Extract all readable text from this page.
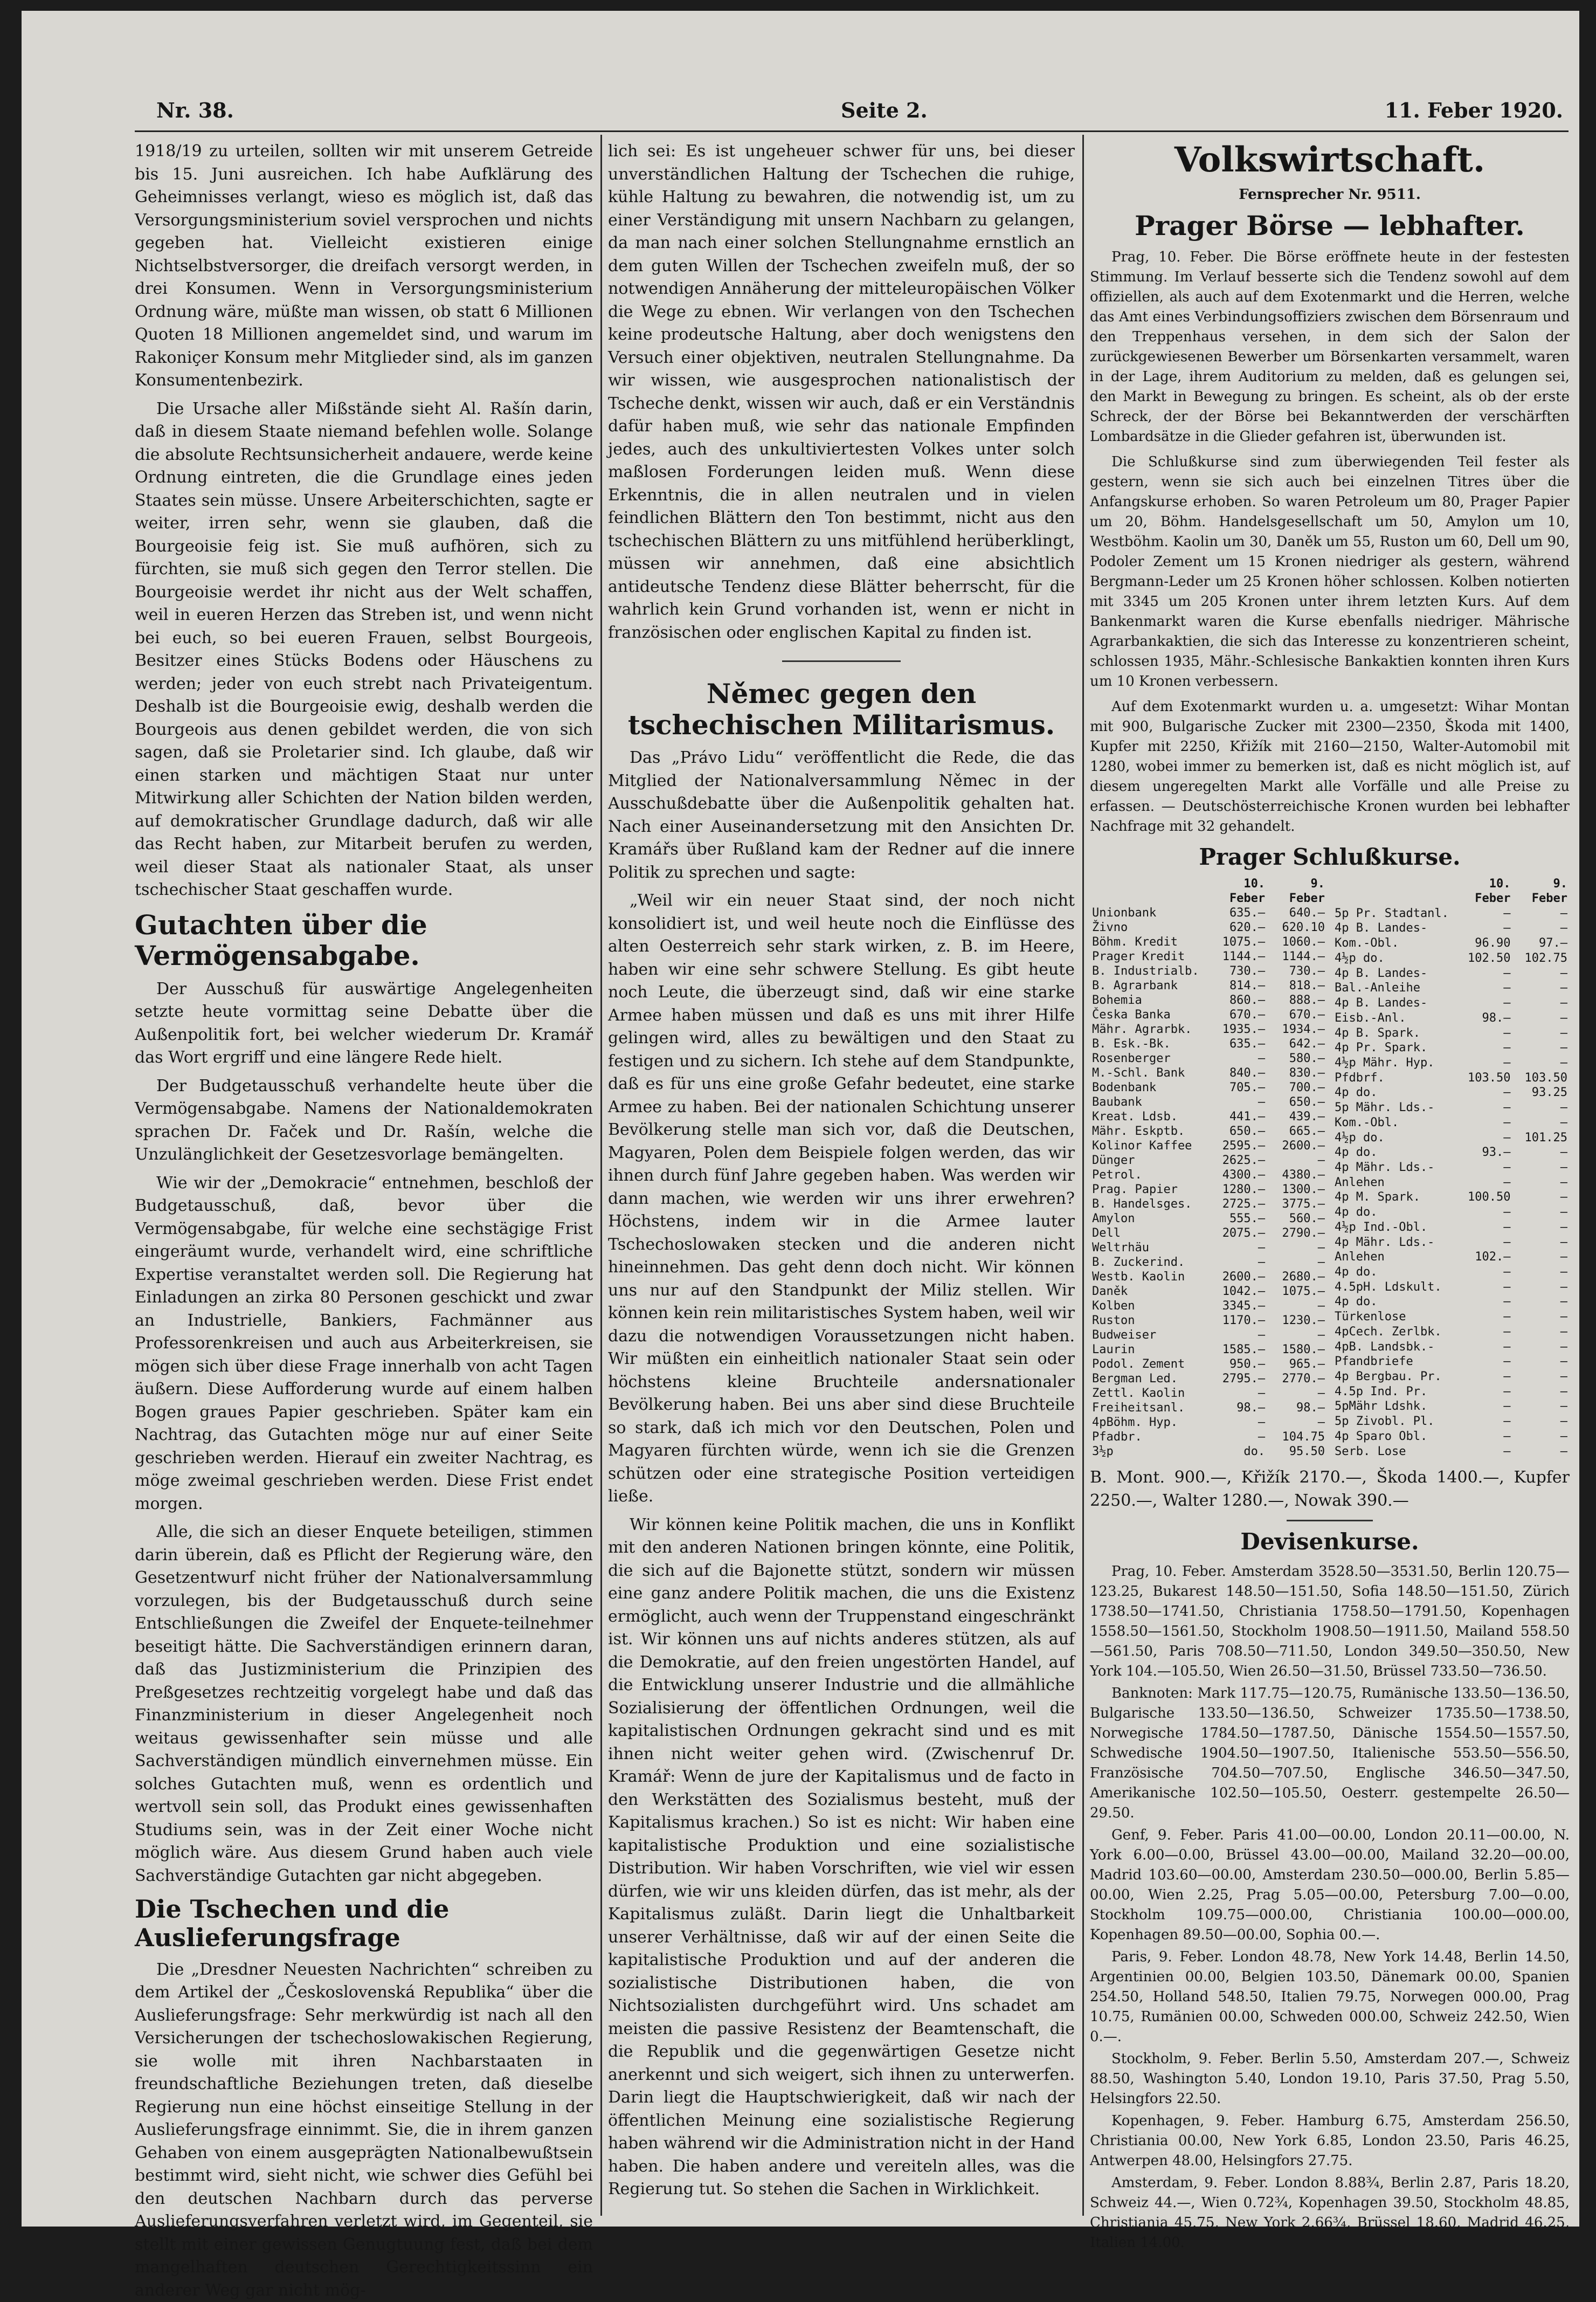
Nr. 38.	Seite 2.	11. Feber 1920.

1918/19 zu urteilen, sollten wir mit unserem Getreide bis 15. Juni ausreichen. Ich habe Aufklärung des Geheimnisses verlangt, wieso es möglich ist, daß das Versorgungsministerium soviel versprochen und nichts gegeben hat. Vielleicht existieren einige Nichtselbstversorger, die dreifach versorgt werden, in drei Konsumen. Wenn in Versorgungsministerium Ordnung wäre, müßte man wissen, ob statt 6 Millionen Quoten 18 Millionen angemeldet sind, und warum im Rakoniçer Konsum mehr Mitglieder sind, als im ganzen Konsumentenbezirk.

Die Ursache aller Mißstände sieht Al. Rašín darin, daß in diesem Staate niemand befehlen wolle. Solange die absolute Rechtsunsicherheit andauere, werde keine Ordnung eintreten, die die Grundlage eines jeden Staates sein müsse. Unsere Arbeiterschichten, sagte er weiter, irren sehr, wenn sie glauben, daß die Bourgeoisie feig ist. Sie muß aufhören, sich zu fürchten, sie muß sich gegen den Terror stellen. Die Bourgeoisie werdet ihr nicht aus der Welt schaffen, weil in eueren Herzen das Streben ist, und wenn nicht bei euch, so bei eueren Frauen, selbst Bourgeois, Besitzer eines Stücks Bodens oder Häuschens zu werden; jeder von euch strebt nach Privateigentum. Deshalb ist die Bourgeoisie ewig, deshalb werden die Bourgeois aus denen gebildet werden, die von sich sagen, daß sie Proletarier sind. Ich glaube, daß wir einen starken und mächtigen Staat nur unter Mitwirkung aller Schichten der Nation bilden werden, auf demokratischer Grundlage dadurch, daß wir alle das Recht haben, zur Mitarbeit berufen zu werden, weil dieser Staat als nationaler Staat, als unser tschechischer Staat geschaffen wurde.

Gutachten über die Vermögensabgabe.

Der Ausschuß für auswärtige Angelegenheiten setzte heute vormittag seine Debatte über die Außenpolitik fort, bei welcher wiederum Dr. Kramář das Wort ergriff und eine längere Rede hielt.

Der Budgetausschuß verhandelte heute über die Vermögensabgabe. Namens der Nationaldemokraten sprachen Dr. Faček und Dr. Rašín, welche die Unzulänglichkeit der Gesetzesvorlage bemängelten.

Wie wir der „Demokracie“ entnehmen, beschloß der Budgetausschuß, daß, bevor über die Vermögensabgabe, für welche eine sechstägige Frist eingeräumt wurde, verhandelt wird, eine schriftliche Expertise veranstaltet werden soll. Die Regierung hat Einladungen an zirka 80 Personen geschickt und zwar an Industrielle, Bankiers, Fachmänner aus Professorenkreisen und auch aus Arbeiterkreisen, sie mögen sich über diese Frage innerhalb von acht Tagen äußern. Diese Aufforderung wurde auf einem halben Bogen graues Papier geschrieben. Später kam ein Nachtrag, das Gutachten möge nur auf einer Seite geschrieben werden. Hierauf ein zweiter Nachtrag, es möge zweimal geschrieben werden. Diese Frist endet morgen.

Alle, die sich an dieser Enquete beteiligen, stimmen darin überein, daß es Pflicht der Regierung wäre, den Gesetzentwurf nicht früher der Nationalversammlung vorzulegen, bis der Budgetausschuß durch seine Entschließungen die Zweifel der Enquete-teilnehmer beseitigt hätte. Die Sachverständigen erinnern daran, daß das Justizministerium die Prinzipien des Preßgesetzes rechtzeitig vorgelegt habe und daß das Finanzministerium in dieser Angelegenheit noch weitaus gewissenhafter sein müsse und alle Sachverständigen mündlich einvernehmen müsse. Ein solches Gutachten muß, wenn es ordentlich und wertvoll sein soll, das Produkt eines gewissenhaften Studiums sein, was in der Zeit einer Woche nicht möglich wäre. Aus diesem Grund haben auch viele Sachverständige Gutachten gar nicht abgegeben.

Die Tschechen und die Auslieferungsfrage

Die „Dresdner Neuesten Nachrichten“ schreiben zu dem Artikel der „Československá Republika“ über die Auslieferungsfrage: Sehr merkwürdig ist nach all den Versicherungen der tschechoslowakischen Regierung, sie wolle mit ihren Nachbarstaaten in freundschaftliche Beziehungen treten, daß dieselbe Regierung nun eine höchst einseitige Stellung in der Auslieferungsfrage einnimmt. Sie, die in ihrem ganzen Gehaben von einem ausgeprägten Nationalbewußtsein bestimmt wird, sieht nicht, wie schwer dies Gefühl bei den deutschen Nachbarn durch das perverse Auslieferungsverfahren verletzt wird, im Gegenteil, sie stellt mit einer gewissen Genugtuung fest, daß bei dem mangelhaften deutschen Gerechtigkeitssinn ein anderer Weg gar nicht mög-

lich sei: Es ist ungeheuer schwer für uns, bei dieser unverständlichen Haltung der Tschechen die ruhige, kühle Haltung zu bewahren, die notwendig ist, um zu einer Verständigung mit unsern Nachbarn zu gelangen, da man nach einer solchen Stellungnahme ernstlich an dem guten Willen der Tschechen zweifeln muß, der so notwendigen Annäherung der mitteleuropäischen Völker die Wege zu ebnen. Wir verlangen von den Tschechen keine prodeutsche Haltung, aber doch wenigstens den Versuch einer objektiven, neutralen Stellungnahme. Da wir wissen, wie ausgesprochen nationalistisch der Tscheche denkt, wissen wir auch, daß er ein Verständnis dafür haben muß, wie sehr das nationale Empfinden jedes, auch des unkultiviertesten Volkes unter solch maßlosen Forderungen leiden muß. Wenn diese Erkenntnis, die in allen neutralen und in vielen feindlichen Blättern den Ton bestimmt, nicht aus den tschechischen Blättern zu uns mitfühlend herüberklingt, müssen wir annehmen, daß eine absichtlich antideutsche Tendenz diese Blätter beherrscht, für die wahrlich kein Grund vorhanden ist, wenn er nicht in französischen oder englischen Kapital zu finden ist.

Němec gegen den tschechischen Militarismus.

Das „Právo Lidu“ veröffentlicht die Rede, die das Mitglied der Nationalversammlung Němec in der Ausschußdebatte über die Außenpolitik gehalten hat. Nach einer Auseinandersetzung mit den Ansichten Dr. Kramářs über Rußland kam der Redner auf die innere Politik zu sprechen und sagte:

„Weil wir ein neuer Staat sind, der noch nicht konsolidiert ist, und weil heute noch die Einflüsse des alten Oesterreich sehr stark wirken, z. B. im Heere, haben wir eine sehr schwere Stellung. Es gibt heute noch Leute, die überzeugt sind, daß wir eine starke Armee haben müssen und daß es uns mit ihrer Hilfe gelingen wird, alles zu bewältigen und den Staat zu festigen und zu sichern. Ich stehe auf dem Standpunkte, daß es für uns eine große Gefahr bedeutet, eine starke Armee zu haben. Bei der nationalen Schichtung unserer Bevölkerung stelle man sich vor, daß die Deutschen, Magyaren, Polen dem Beispiele folgen werden, das wir ihnen durch fünf Jahre gegeben haben. Was werden wir dann machen, wie werden wir uns ihrer erwehren? Höchstens, indem wir in die Armee lauter Tschechoslowaken stecken und die anderen nicht hineinnehmen. Das geht denn doch nicht. Wir können uns nur auf den Standpunkt der Miliz stellen. Wir können kein rein militaristisches System haben, weil wir dazu die notwendigen Voraussetzungen nicht haben. Wir müßten ein einheitlich nationaler Staat sein oder höchstens kleine Bruchteile andersnationaler Bevölkerung haben. Bei uns aber sind diese Bruchteile so stark, daß ich mich vor den Deutschen, Polen und Magyaren fürchten würde, wenn ich sie die Grenzen schützen oder eine strategische Position verteidigen ließe.

Wir können keine Politik machen, die uns in Konflikt mit den anderen Nationen bringen könnte, eine Politik, die sich auf die Bajonette stützt, sondern wir müssen eine ganz andere Politik machen, die uns die Existenz ermöglicht, auch wenn der Truppenstand eingeschränkt ist. Wir können uns auf nichts anderes stützen, als auf die Demokratie, auf den freien ungestörten Handel, auf die Entwicklung unserer Industrie und die allmähliche Sozialisierung der öffentlichen Ordnungen, weil die kapitalistischen Ordnungen gekracht sind und es mit ihnen nicht weiter gehen wird. (Zwischenruf Dr. Kramář: Wenn de jure der Kapitalismus und de facto in den Werkstätten des Sozialismus besteht, muß der Kapitalismus krachen.) So ist es nicht: Wir haben eine kapitalistische Produktion und eine sozialistische Distribution. Wir haben Vorschriften, wie viel wir essen dürfen, wie wir uns kleiden dürfen, das ist mehr, als der Kapitalismus zuläßt. Darin liegt die Unhaltbarkeit unserer Verhältnisse, daß wir auf der einen Seite die kapitalistische Produktion und auf der anderen die sozialistische Distributionen haben, die von Nichtsozialisten durchgeführt wird. Uns schadet am meisten die passive Resistenz der Beamtenschaft, die die Republik und die gegenwärtigen Gesetze nicht anerkennt und sich weigert, sich ihnen zu unterwerfen. Darin liegt die Hauptschwierigkeit, daß wir nach der öffentlichen Meinung eine sozialistische Regierung haben während wir die Administration nicht in der Hand haben. Die haben andere und vereiteln alles, was die Regierung tut. So stehen die Sachen in Wirklichkeit.

Volkswirtschaft.
Fernsprecher Nr. 9511.
Prager Börse — lebhafter.

Prag, 10. Feber. Die Börse eröffnete heute in der festesten Stimmung. Im Verlauf besserte sich die Tendenz sowohl auf dem offiziellen, als auch auf dem Exotenmarkt und die Herren, welche das Amt eines Verbindungsoffiziers zwischen dem Börsenraum und den Treppenhaus versehen, in dem sich der Salon der zurückgewiesenen Bewerber um Börsenkarten versammelt, waren in der Lage, ihrem Auditorium zu melden, daß es gelungen sei, den Markt in Bewegung zu bringen. Es scheint, als ob der erste Schreck, der der Börse bei Bekanntwerden der verschärften Lombardsätze in die Glieder gefahren ist, überwunden ist.

Die Schlußkurse sind zum überwiegenden Teil fester als gestern, wenn sie sich auch bei einzelnen Titres über die Anfangskurse erhoben. So waren Petroleum um 80, Prager Papier um 20, Böhm. Handelsgesellschaft um 50, Amylon um 10, Westböhm. Kaolin um 30, Daněk um 55, Ruston um 60, Dell um 90, Podoler Zement um 15 Kronen niedriger als gestern, während Bergmann-Leder um 25 Kronen höher schlossen. Kolben notierten mit 3345 um 205 Kronen unter ihrem letzten Kurs. Auf dem Bankenmarkt waren die Kurse ebenfalls niedriger. Mährische Agrarbankaktien, die sich das Interesse zu konzentrieren scheint, schlossen 1935, Mähr.-Schlesische Bankaktien konnten ihren Kurs um 10 Kronen verbessern.

Auf dem Exotenmarkt wurden u. a. umgesetzt: Wihar Montan mit 900, Bulgarische Zucker mit 2300—2350, Škoda mit 1400, Kupfer mit 2250, Křižík mit 2160—2150, Walter-Automobil mit 1280, wobei immer zu bemerken ist, daß es nicht möglich ist, auf diesem ungeregelten Markt alle Vorfälle und alle Preise zu erfassen. — Deutschösterreichische Kronen wurden bei lebhafter Nachfrage mit 32 gehandelt.

Prager Schlußkurse.
	10. Feber	9. Feber
Unionbank	635.—	640.—
Živno	620.—	620.10
Böhm. Kredit	1075.—	1060.—
Prager Kredit	1144.—	1144.—
B. Industrialb.	730.—	730.—
B. Agrarbank	814.—	818.—
Bohemia	860.—	888.—
Česka Banka	670.—	670.—
Mähr. Agrarbk.	1935.—	1934.—
B. Esk.-Bk.	635.—	642.—
Rosenberger	—	580.—
M.-Schl. Bank	840.—	830.—
Bodenbank	705.—	700.—
Baubank	—	650.—
Kreat. Ldsb.	441.—	439.—
Mähr. Eskptb.	650.—	665.—
Kolinor Kaffee	2595.—	2600.—
Dünger	2625.—	—
Petrol.	4300.—	4380.—
Prag. Papier	1280.—	1300.—
B. Handelsges.	2725.—	3775.—
Amylon	555.—	560.—
Dell	2075.—	2790.—
Weltrhäu	—	—
B. Zuckerind.	—	—
Westb. Kaolin	2600.—	2680.—
Daněk	1042.—	1075.—
Kolben	3345.—	—
Ruston	1170.—	1230.—
Budweiser	—	—
Laurin	1585.—	1580.—
Podol. Zement	950.—	965.—
Bergman Led.	2795.—	2770.—
Zettl. Kaolin	—	—
Freiheitsanl.	98.—	98.—
4pBöhm. Hyp.	—	—
Pfadbr.	—	104.75
3½p	do.	95.50
	10. Feber	9. Feber
5p Pr. Stadtanl.	—	—
4p B. Landes-	—	—
Kom.-Obl.	96.90	97.—
4½p do.	102.50	102.75
4p B. Landes-	—	—
Bal.-Anleihe	—	—
4p B. Landes-	—	—
Eisb.-Anl.	98.—	—
4p B. Spark.	—	—
4p Pr. Spark.	—	—
4½p Mähr. Hyp.	—	—
Pfdbrf.	103.50	103.50
4p do.	—	93.25
5p Mähr. Lds.-	—	—
Kom.-Obl.	—	—
4½p do.	—	101.25
4p do.	93.—	—
4p Mähr. Lds.-	—	—
Anlehen	—	—
4p M. Spark.	100.50	—
4p do.	—	—
4½p Ind.-Obl.	—	—
4p Mähr. Lds.-	—	—
Anlehen	102.—	—
4p do.	—	—
4.5pH. Ldskult.	—	—
4p do.	—	—
Türkenlose	—	—
4pCech. Zerlbk.	—	—
4pB. Landsbk.-	—	—
Pfandbriefe	—	—
4p Bergbau. Pr.	—	—
4.5p Ind. Pr.	—	—
5pMähr Ldshk.	—	—
5p Zivobl. Pl.	—	—
4p Sparo Obl.	—	—
Serb. Lose	—	—

B. Mont. 900.—, Křižík 2170.—, Škoda 1400.—, Kupfer 2250.—, Walter 1280.—, Nowak 390.—

Devisenkurse.

Prag, 10. Feber. Amsterdam 3528.50—3531.50, Berlin 120.75—123.25, Bukarest 148.50—151.50, Sofia 148.50—151.50, Zürich 1738.50—1741.50, Christiania 1758.50—1791.50, Kopenhagen 1558.50—1561.50, Stockholm 1908.50—1911.50, Mailand 558.50—561.50, Paris 708.50—711.50, London 349.50—350.50, New York 104.—105.50, Wien 26.50—31.50, Brüssel 733.50—736.50.

Banknoten: Mark 117.75—120.75, Rumänische 133.50—136.50, Bulgarische 133.50—136.50, Schweizer 1735.50—1738.50, Norwegische 1784.50—1787.50, Dänische 1554.50—1557.50, Schwedische 1904.50—1907.50, Italienische 553.50—556.50, Französische 704.50—707.50, Englische 346.50—347.50, Amerikanische 102.50—105.50, Oesterr. gestempelte 26.50—29.50.

Genf, 9. Feber. Paris 41.00—00.00, London 20.11—00.00, N. York 6.00—0.00, Brüssel 43.00—00.00, Mailand 32.20—00.00, Madrid 103.60—00.00, Amsterdam 230.50—000.00, Berlin 5.85—00.00, Wien 2.25, Prag 5.05—00.00, Petersburg 7.00—0.00, Stockholm 109.75—000.00, Christiania 100.00—000.00, Kopenhagen 89.50—00.00, Sophia 00.—.

Paris, 9. Feber. London 48.78, New York 14.48, Berlin 14.50, Argentinien 00.00, Belgien 103.50, Dänemark 00.00, Spanien 254.50, Holland 548.50, Italien 79.75, Norwegen 000.00, Prag 10.75, Rumänien 00.00, Schweden 000.00, Schweiz 242.50, Wien 0.—.

Stockholm, 9. Feber. Berlin 5.50, Amsterdam 207.—, Schweiz 88.50, Washington 5.40, London 19.10, Paris 37.50, Prag 5.50, Helsingfors 22.50.

Kopenhagen, 9. Feber. Hamburg 6.75, Amsterdam 256.50, Christiania 00.00, New York 6.85, London 23.50, Paris 46.25, Antwerpen 48.00, Helsingfors 27.75.

Amsterdam, 9. Feber. London 8.88¾, Berlin 2.87, Paris 18.20, Schweiz 44.—, Wien 0.72¾, Kopenhagen 39.50, Stockholm 48.85, Christiania 45.75, New York 2.66¾, Brüssel 18.60, Madrid 46.25, Italien 14.00.
